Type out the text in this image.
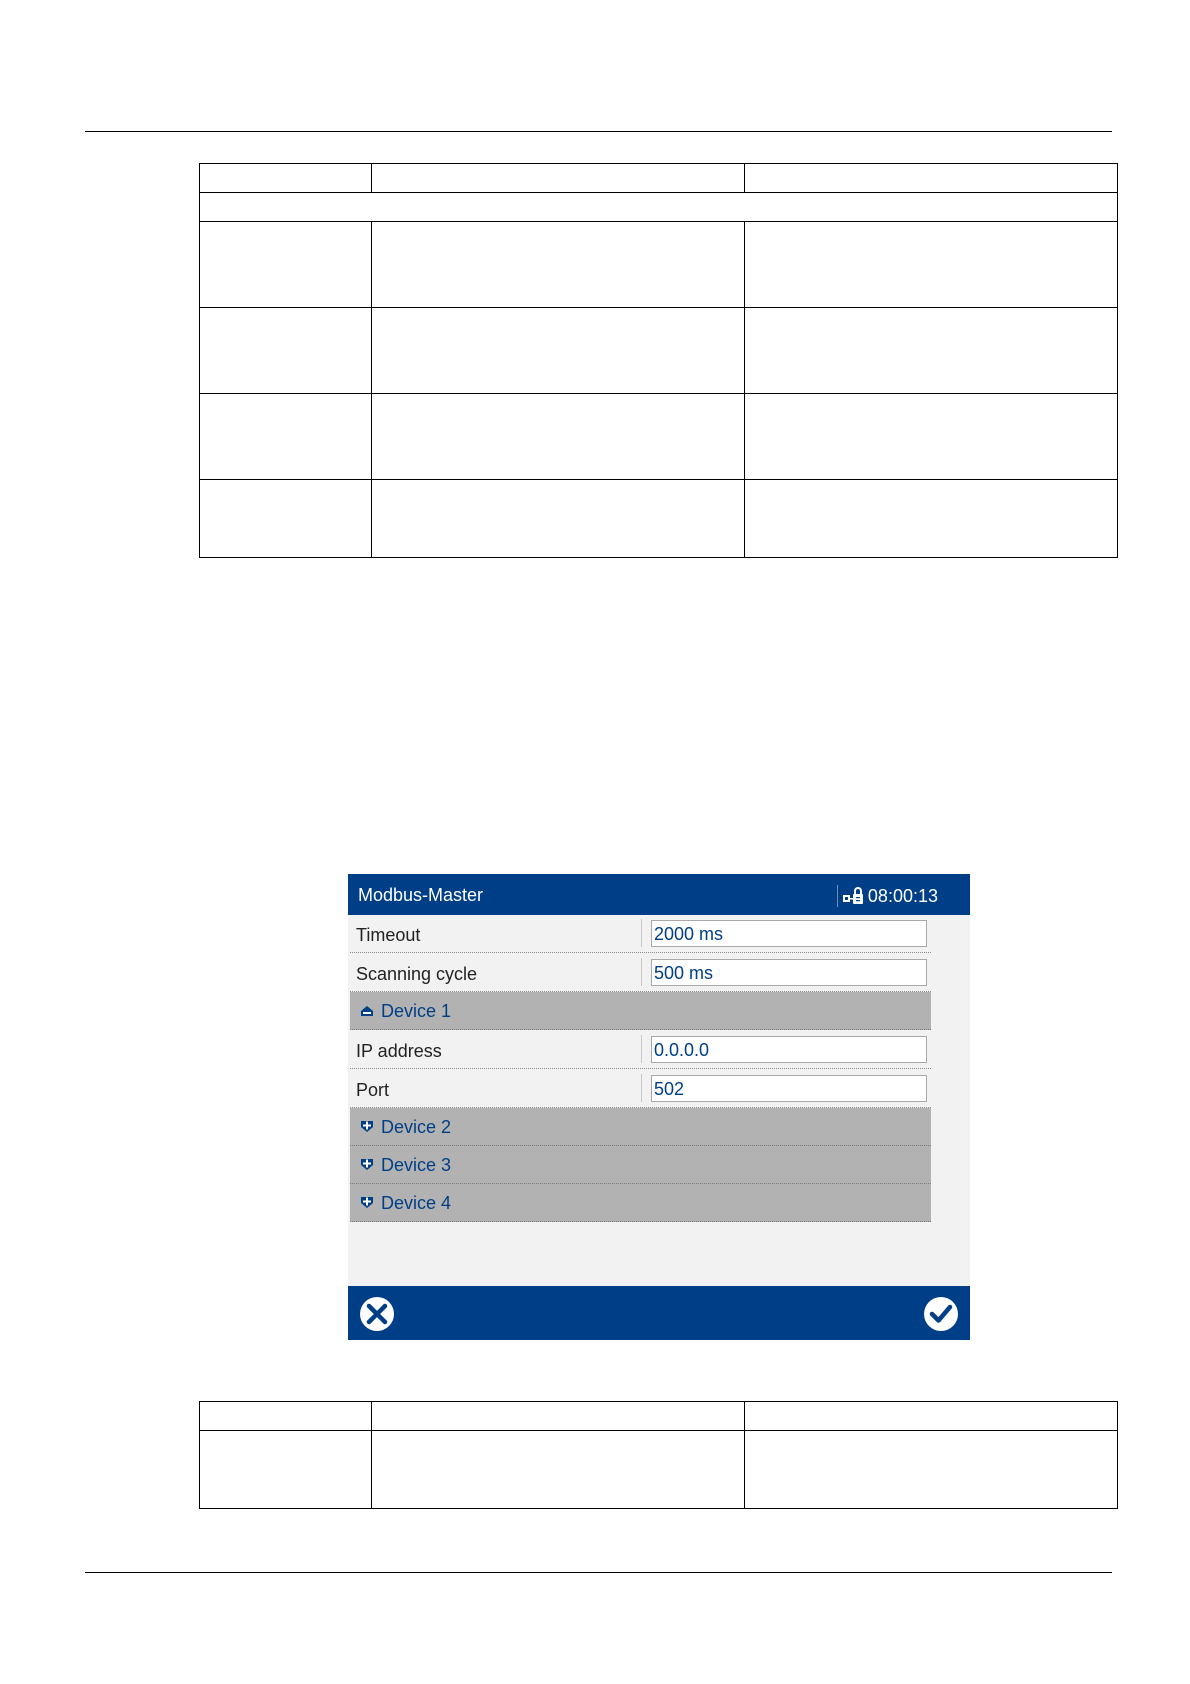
Modbus-Master	08:00:13
Timeout	2000 ms
Scanning cycle	500 ms
Device 1
IP address	0.0.0.0
Port	502
Device 2
Device 3
Device 4
